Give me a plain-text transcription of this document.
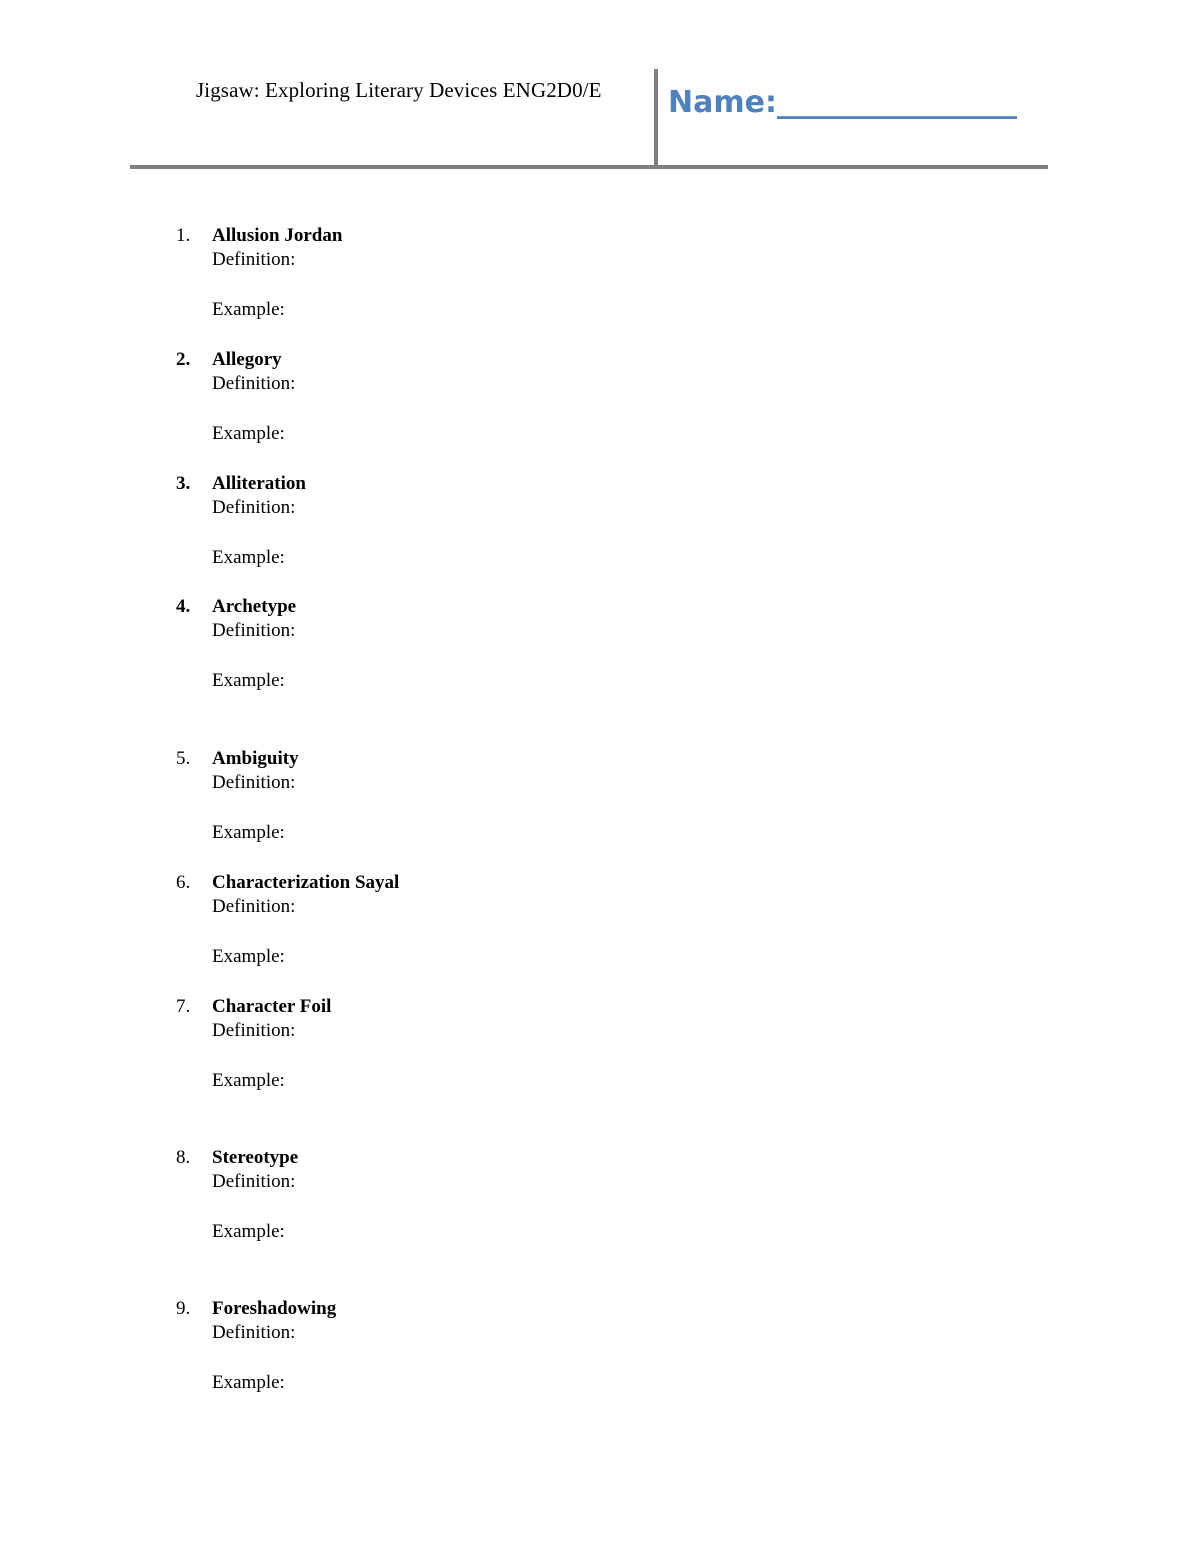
Jigsaw: Exploring Literary Devices ENG2D0/E Name:________________
1. Allusion Jordan
Definition:
Example:
2. Allegory
Definition:
Example:
3. Alliteration
Definition:
Example:
4. Archetype
Definition:
Example:
5. Ambiguity
Definition:
Example:
6. Characterization Sayal
Definition:
Example:
7. Character Foil
Definition:
Example:
8. Stereotype
Definition:
Example:
9. Foreshadowing
Definition:
Example:
